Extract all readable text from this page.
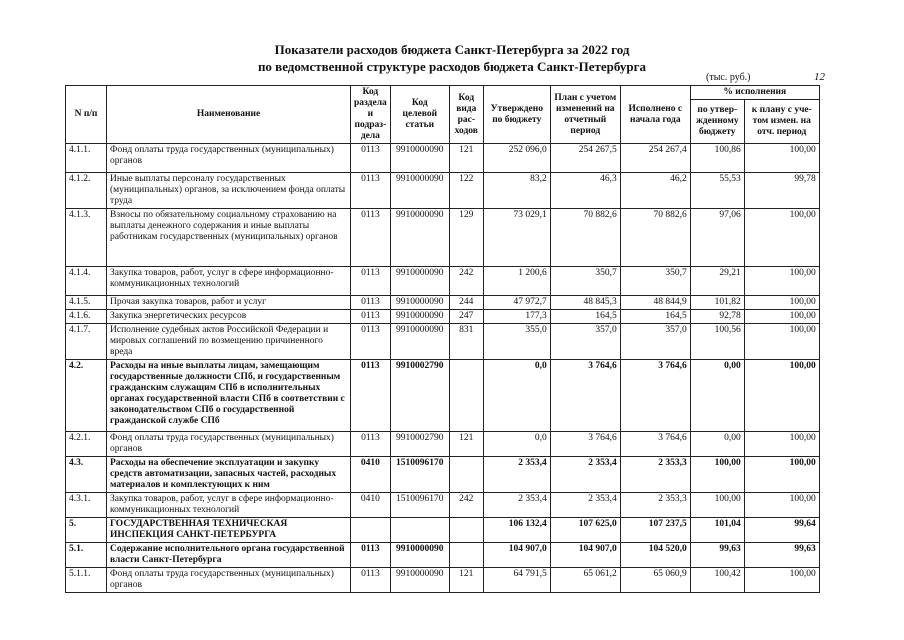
Показатели расходов бюджета Санкт-Петербурга за 2022 год
по ведомственной структуре расходов бюджета Санкт-Петербурга
(тыс. руб.)	12
N п/п	Наименование	Код раздела и подраз-дела	Код целевой статьи	Код вида рас-ходов	Утверждено по бюджету	План с учетом изменений на отчетный период	Исполнено с начала года	% исполнения	
								по утвер-жденному бюджету	к плану с уче-том измен. на отч. период
4.1.1.	Фонд оплаты труда государственных (муниципальных) органов	0113	9910000090	121	252 096,0	254 267,5	254 267,4	100,86	100,00
4.1.2.	Иные выплаты персоналу государственных (муниципальных) органов, за исключением фонда оплаты труда	0113	9910000090	122	83,2	46,3	46,2	55,53	99,78
4.1.3.	Взносы по обязательному социальному страхованию на выплаты денежного содержания и иные выплаты работникам государственных (муниципальных) органов	0113	9910000090	129	73 029,1	70 882,6	70 882,6	97,06	100,00
4.1.4.	Закупка товаров, работ, услуг в сфере информационно-коммуникационных технологий	0113	9910000090	242	1 200,6	350,7	350,7	29,21	100,00
4.1.5.	Прочая закупка товаров, работ и услуг	0113	9910000090	244	47 972,7	48 845,3	48 844,9	101,82	100,00
4.1.6.	Закупка энергетических ресурсов	0113	9910000090	247	177,3	164,5	164,5	92,78	100,00
4.1.7.	Исполнение судебных актов Российской Федерации и мировых соглашений по возмещению причиненного вреда	0113	9910000090	831	355,0	357,0	357,0	100,56	100,00
4.2.	Расходы на иные выплаты лицам, замещающим государственные должности СПб, и государственным гражданским служащим СПб в исполнительных органах государственной власти СПб в соответствии с законодательством СПб о государственной гражданской службе СПб	0113	9910002790		0,0	3 764,6	3 764,6	0,00	100,00
4.2.1.	Фонд оплаты труда государственных (муниципальных) органов	0113	9910002790	121	0,0	3 764,6	3 764,6	0,00	100,00
4.3.	Расходы на обеспечение эксплуатации и закупку средств автоматизации, запасных частей, расходных материалов и комплектующих к ним	0410	1510096170		2 353,4	2 353,4	2 353,3	100,00	100,00
4.3.1.	Закупка товаров, работ, услуг в сфере информационно-коммуникационных технологий	0410	1510096170	242	2 353,4	2 353,4	2 353,3	100,00	100,00
5.	ГОСУДАРСТВЕННАЯ ТЕХНИЧЕСКАЯ ИНСПЕКЦИЯ САНКТ-ПЕТЕРБУРГА				106 132,4	107 625,0	107 237,5	101,04	99,64
5.1.	Содержание исполнительного органа государственной власти Санкт-Петербурга	0113	9910000090		104 907,0	104 907,0	104 520,0	99,63	99,63
5.1.1.	Фонд оплаты труда государственных (муниципальных) органов	0113	9910000090	121	64 791,5	65 061,2	65 060,9	100,42	100,00
